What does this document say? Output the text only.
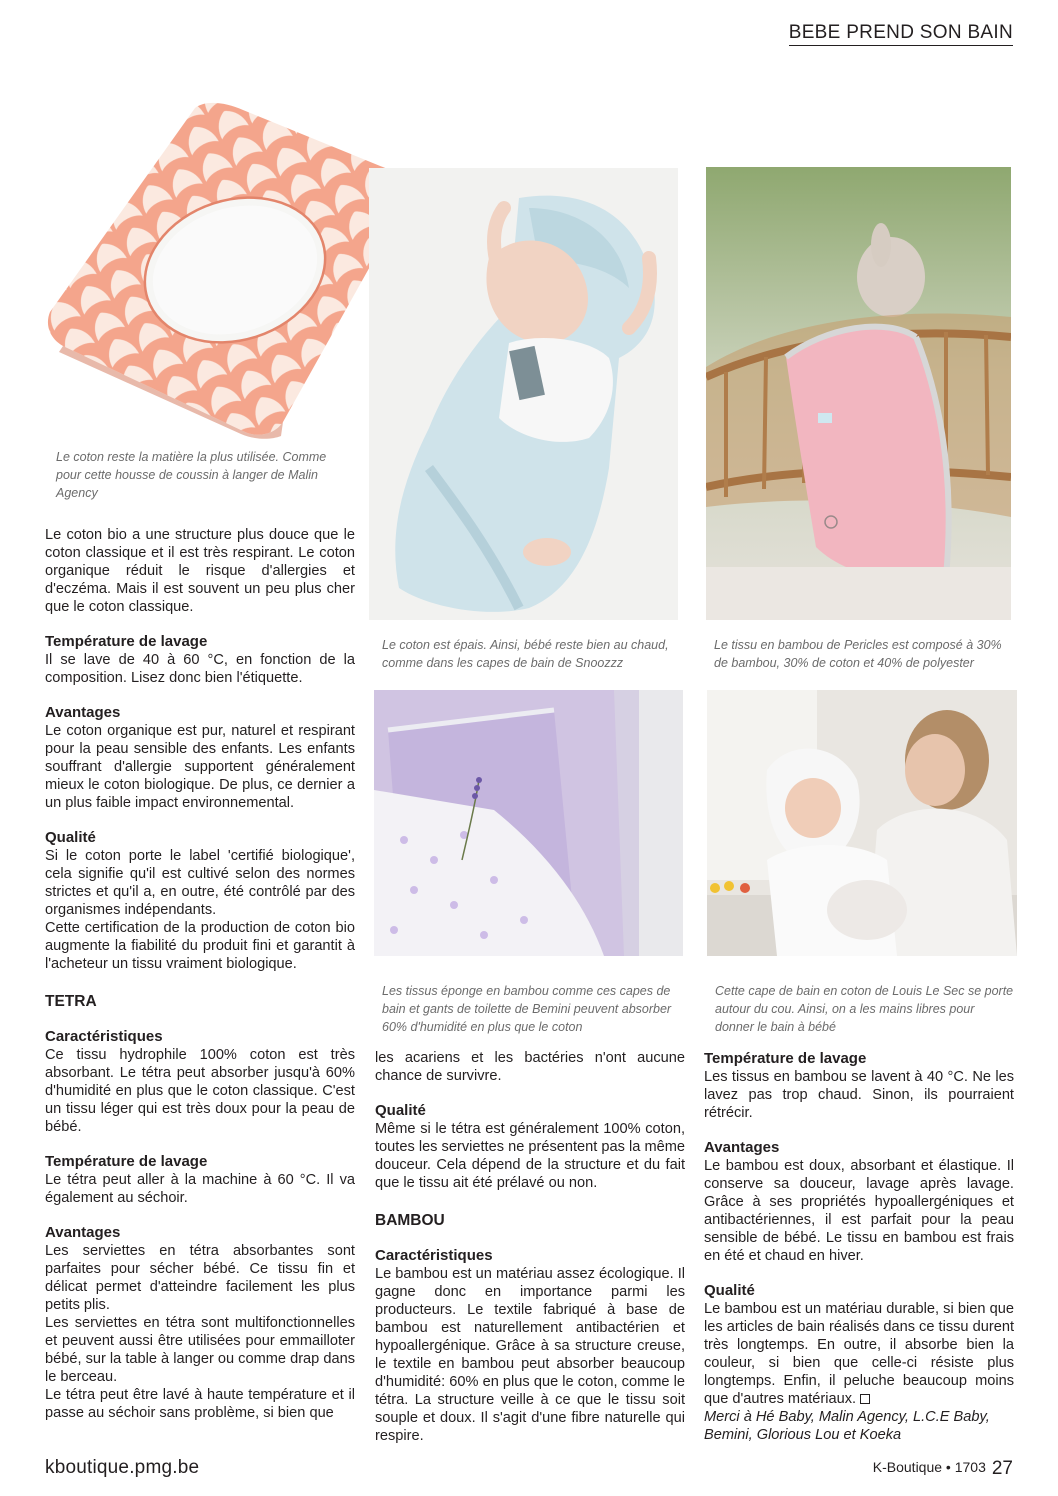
BEBE PREND SON BAIN
Le coton reste la matière la plus utilisée. Comme pour cette housse de coussin à langer de Malin Agency
Le coton est épais. Ainsi, bébé reste bien au chaud, comme dans les capes de bain de Snoozzz
Le tissu en bambou de Pericles est composé à 30% de bambou, 30% de coton et 40% de polyester
Les tissus éponge en bambou comme ces capes de bain et gants de toilette de Bemini peuvent absorber 60% d'humidité en plus que le coton
Cette cape de bain en coton de Louis Le Sec se porte autour du cou. Ainsi, on a les mains libres pour donner le bain à bébé

Le coton bio a une structure plus douce que le coton classique et il est très respirant. Le coton organique réduit le risque d'allergies et d'eczéma. Mais il est souvent un peu plus cher que le coton classique.

Température de lavage

Il se lave de 40 à 60 °C, en fonction de la composition. Lisez donc bien l'étiquette.

Avantages

Le coton organique est pur, naturel et respirant pour la peau sensible des enfants. Les enfants souffrant d'allergie supportent généralement mieux le coton biologique. De plus, ce dernier a un plus faible impact environnemental.

Qualité

Si le coton porte le label 'certifié biologique', cela signifie qu'il est cultivé selon des normes strictes et qu'il a, en outre, été contrôlé par des organismes indépendants.

Cette certification de la production de coton bio augmente la fiabilité du produit fini et garantit à l'acheteur un tissu vraiment biologique.

TETRA

Caractéristiques

Ce tissu hydrophile 100% coton est très absorbant. Le tétra peut absorber jusqu'à 60% d'humidité en plus que le coton classique. C'est un tissu léger qui est très doux pour la peau de bébé.

Température de lavage

Le tétra peut aller à la machine à 60 °C. Il va également au séchoir.

Avantages

Les serviettes en tétra absorbantes sont parfaites pour sécher bébé. Ce tissu fin et délicat permet d'atteindre facilement les plus petits plis.

Les serviettes en tétra sont multifonctionnelles et peuvent aussi être utilisées pour emmailloter bébé, sur la table à langer ou comme drap dans le berceau.

Le tétra peut être lavé à haute température et il passe au séchoir sans problème, si bien que

les acariens et les bactéries n'ont aucune chance de survivre.

Qualité

Même si le tétra est généralement 100% coton, toutes les serviettes ne présentent pas la même douceur. Cela dépend de la structure et du fait que le tissu ait été prélavé ou non.

BAMBOU

Caractéristiques

Le bambou est un matériau assez écologique. Il gagne donc en importance parmi les producteurs. Le textile fabriqué à base de bambou est naturellement antibactérien et hypoallergénique. Grâce à sa structure creuse, le textile en bambou peut absorber beaucoup d'humidité: 60% en plus que le coton, comme le tétra. La structure veille à ce que le tissu soit souple et doux. Il s'agit d'une fibre naturelle qui respire.

Température de lavage

Les tissus en bambou se lavent à 40 °C. Ne les lavez pas trop chaud. Sinon, ils pourraient rétrécir.

Avantages

Le bambou est doux, absorbant et élastique. Il conserve sa douceur, lavage après lavage. Grâce à ses propriétés hypoallergéniques et antibactériennes, il est parfait pour la peau sensible de bébé. Le tissu en bambou est frais en été et chaud en hiver.

Qualité

Le bambou est un matériau durable, si bien que les articles de bain réalisés dans ce tissu durent très longtemps. En outre, il absorbe bien la couleur, si bien que celle-ci résiste plus longtemps. Enfin, il peluche beaucoup moins que d'autres matériaux.

Merci à Hé Baby, Malin Agency, L.C.E Baby, Bemini, Glorious Lou et Koeka

kboutique.pmg.be	K-Boutique • 1703 27
